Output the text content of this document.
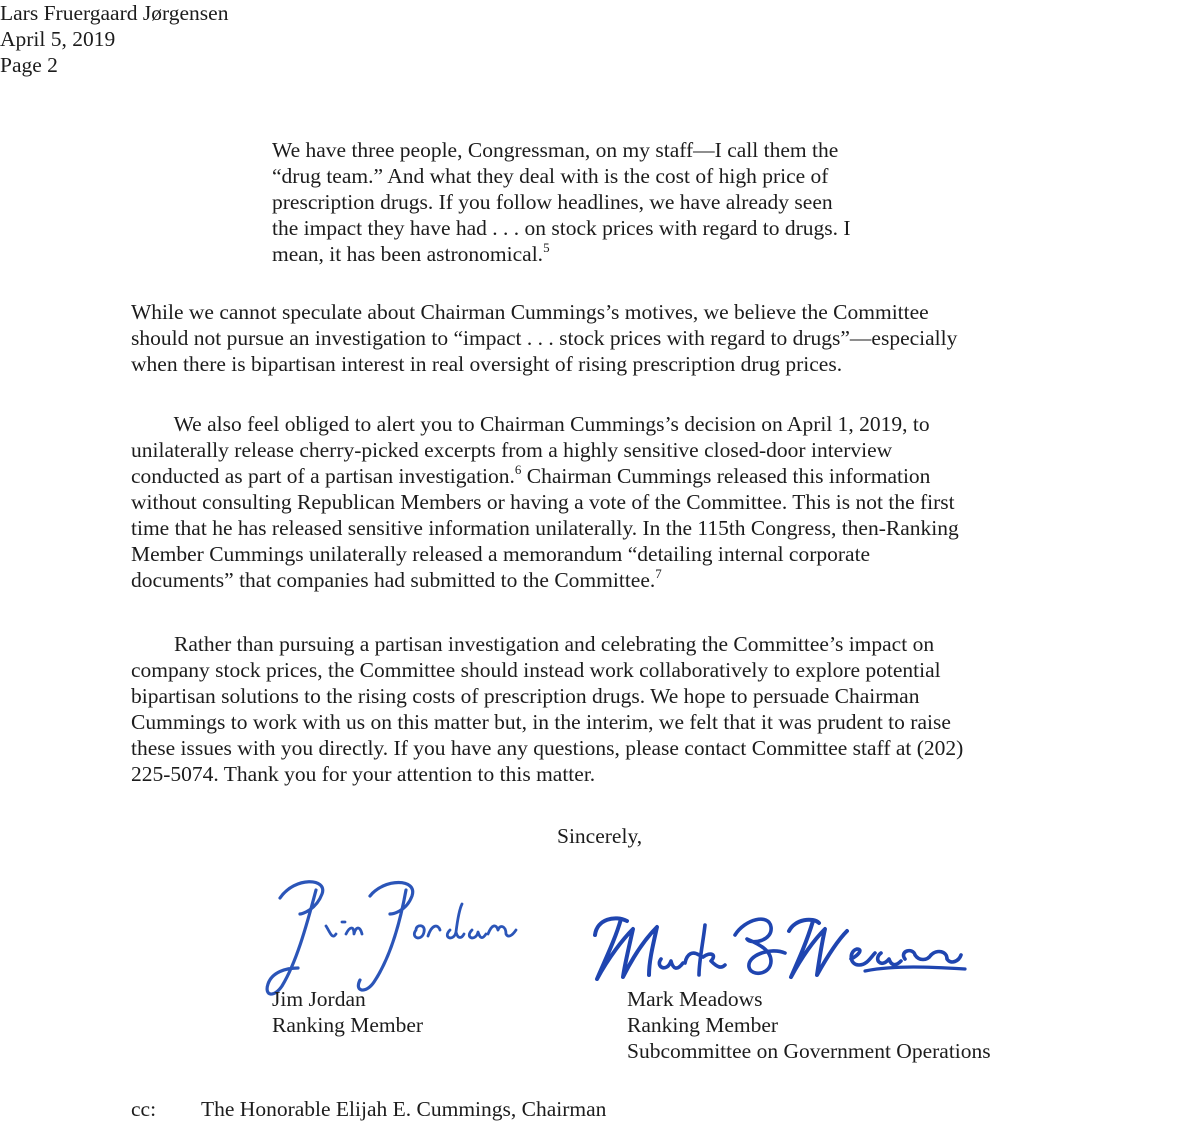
Lars Fruergaard Jørgensen
April 5, 2019
Page 2
We have three people, Congressman, on my staff—I call them the
“drug team.” And what they deal with is the cost of high price of
prescription drugs. If you follow headlines, we have already seen
the impact they have had . . . on stock prices with regard to drugs. I
mean, it has been astronomical.$^5$
While we cannot speculate about Chairman Cummings’s motives, we believe the Committee
should not pursue an investigation to “impact . . . stock prices with regard to drugs”—especially
when there is bipartisan interest in real oversight of rising prescription drug prices.
We also feel obliged to alert you to Chairman Cummings’s decision on April 1, 2019, to
unilaterally release cherry-picked excerpts from a highly sensitive closed-door interview
conducted as part of a partisan investigation.$^6$ Chairman Cummings released this information
without consulting Republican Members or having a vote of the Committee. This is not the first
time that he has released sensitive information unilaterally. In the 115th Congress, then-Ranking
Member Cummings unilaterally released a memorandum “detailing internal corporate
documents” that companies had submitted to the Committee.$^7$
Rather than pursuing a partisan investigation and celebrating the Committee’s impact on
company stock prices, the Committee should instead work collaboratively to explore potential
bipartisan solutions to the rising costs of prescription drugs. We hope to persuade Chairman
Cummings to work with us on this matter but, in the interim, we felt that it was prudent to raise
these issues with you directly. If you have any questions, please contact Committee staff at (202)
225-5074. Thank you for your attention to this matter.
Sincerely,
Jim Jordan
Ranking Member
Mark Meadows
Ranking Member
Subcommittee on Government Operations
cc: The Honorable Elijah E. Cummings, Chairman
